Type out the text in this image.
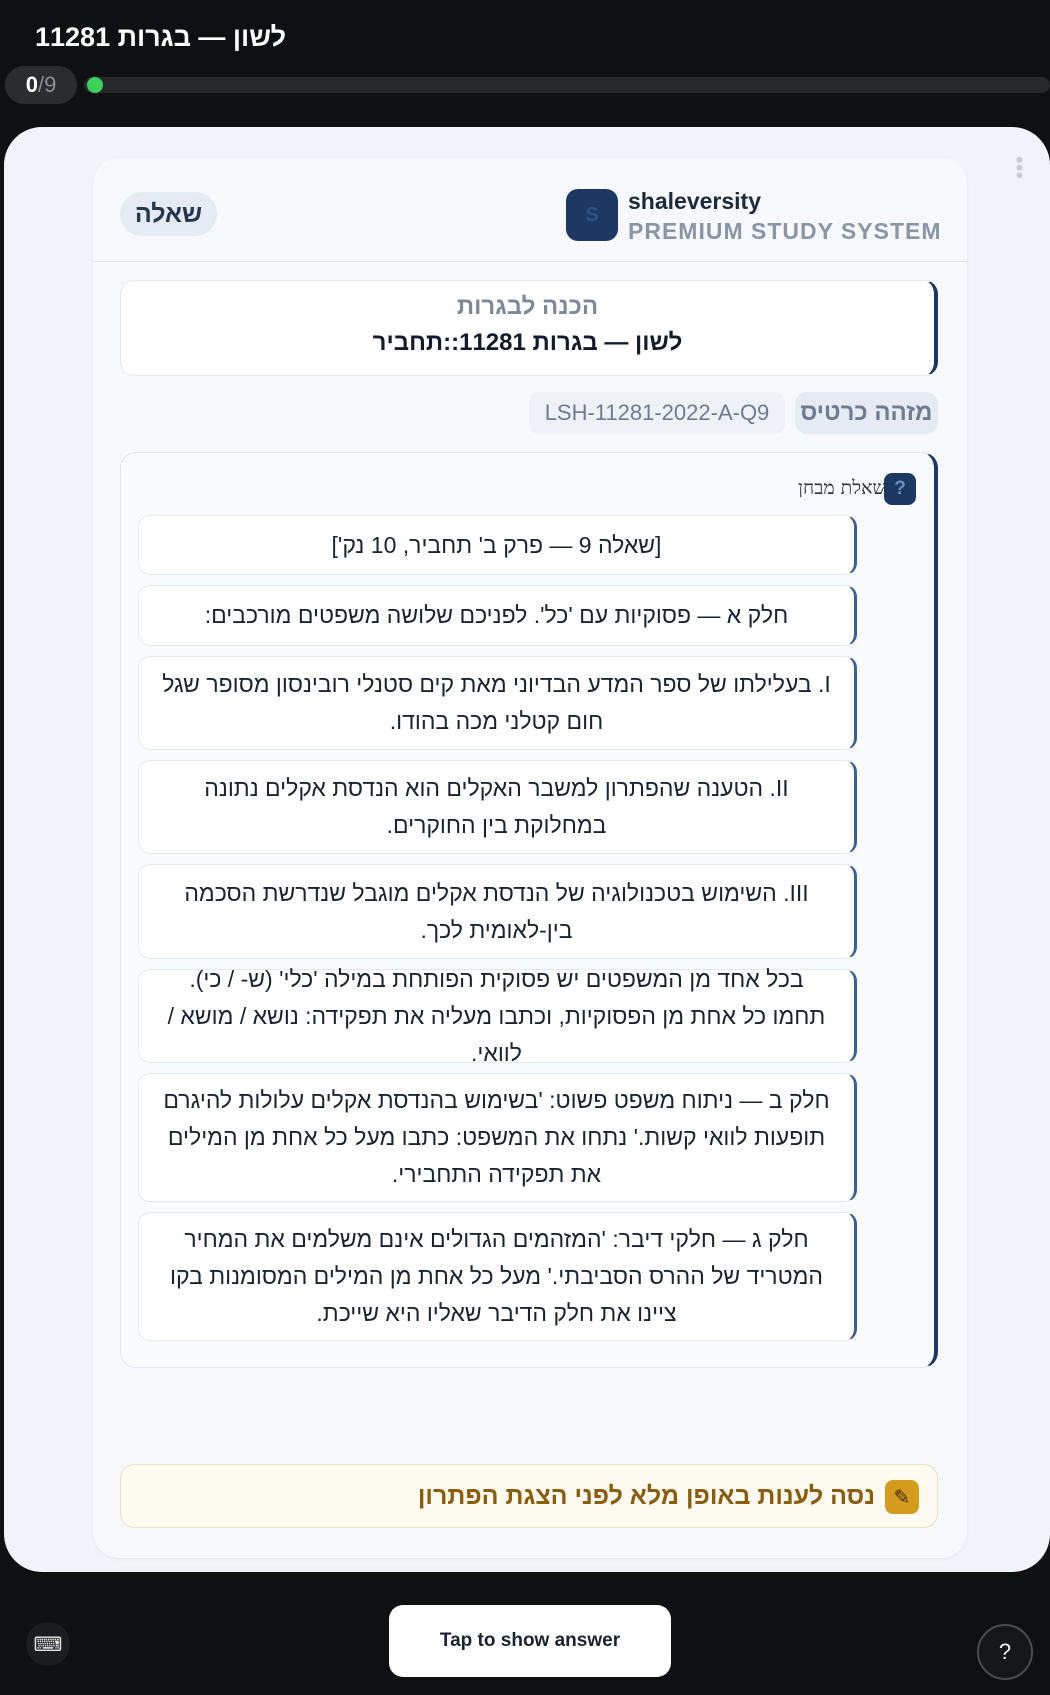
לשון — בגרות 11281
0 / 9
•••
S
shaleversity
PREMIUM STUDY SYSTEM
שאלה
הכנה לבגרות
לשון — בגרות 11281::תחביר
מזהה כרטיס
LSH-11281-2022-A-Q9
?
שאלת מבחן
[שאלה 9 — פרק ב' תחביר, 10 נק']
חלק א — פסוקיות עם 'כל'. לפניכם שלושה משפטים מורכבים:
I. בעלילתו של ספר המדע הבדיוני מאת קים סטנלי רובינסון מסופר שגל חום קטלני מכה בהודו.
II. הטענה שהפתרון למשבר האקלים הוא הנדסת אקלים נתונה במחלוקת בין החוקרים.
III. השימוש בטכנולוגיה של הנדסת אקלים מוגבל שנדרשת הסכמה בין-לאומית לכך.
בכל אחד מן המשפטים יש פסוקית הפותחת במילה 'כלי' (ש- / כי). תחמו כל אחת מן הפסוקיות, וכתבו מעליה את תפקידה: נושא / מושא / לוואי.
חלק ב — ניתוח משפט פשוט: 'בשימוש בהנדסת אקלים עלולות להיגרם תופעות לוואי קשות.' נתחו את המשפט: כתבו מעל כל אחת מן המילים את תפקידה התחבירי.
חלק ג — חלקי דיבר: 'המזהמים הגדולים אינם משלמים את המחיר המטריד של ההרס הסביבתי.' מעל כל אחת מן המילים המסומנות בקו ציינו את חלק הדיבר שאליו היא שייכת.
✎
נסה לענות באופן מלא לפני הצגת הפתרון
⌨	Tap to show answer	?
